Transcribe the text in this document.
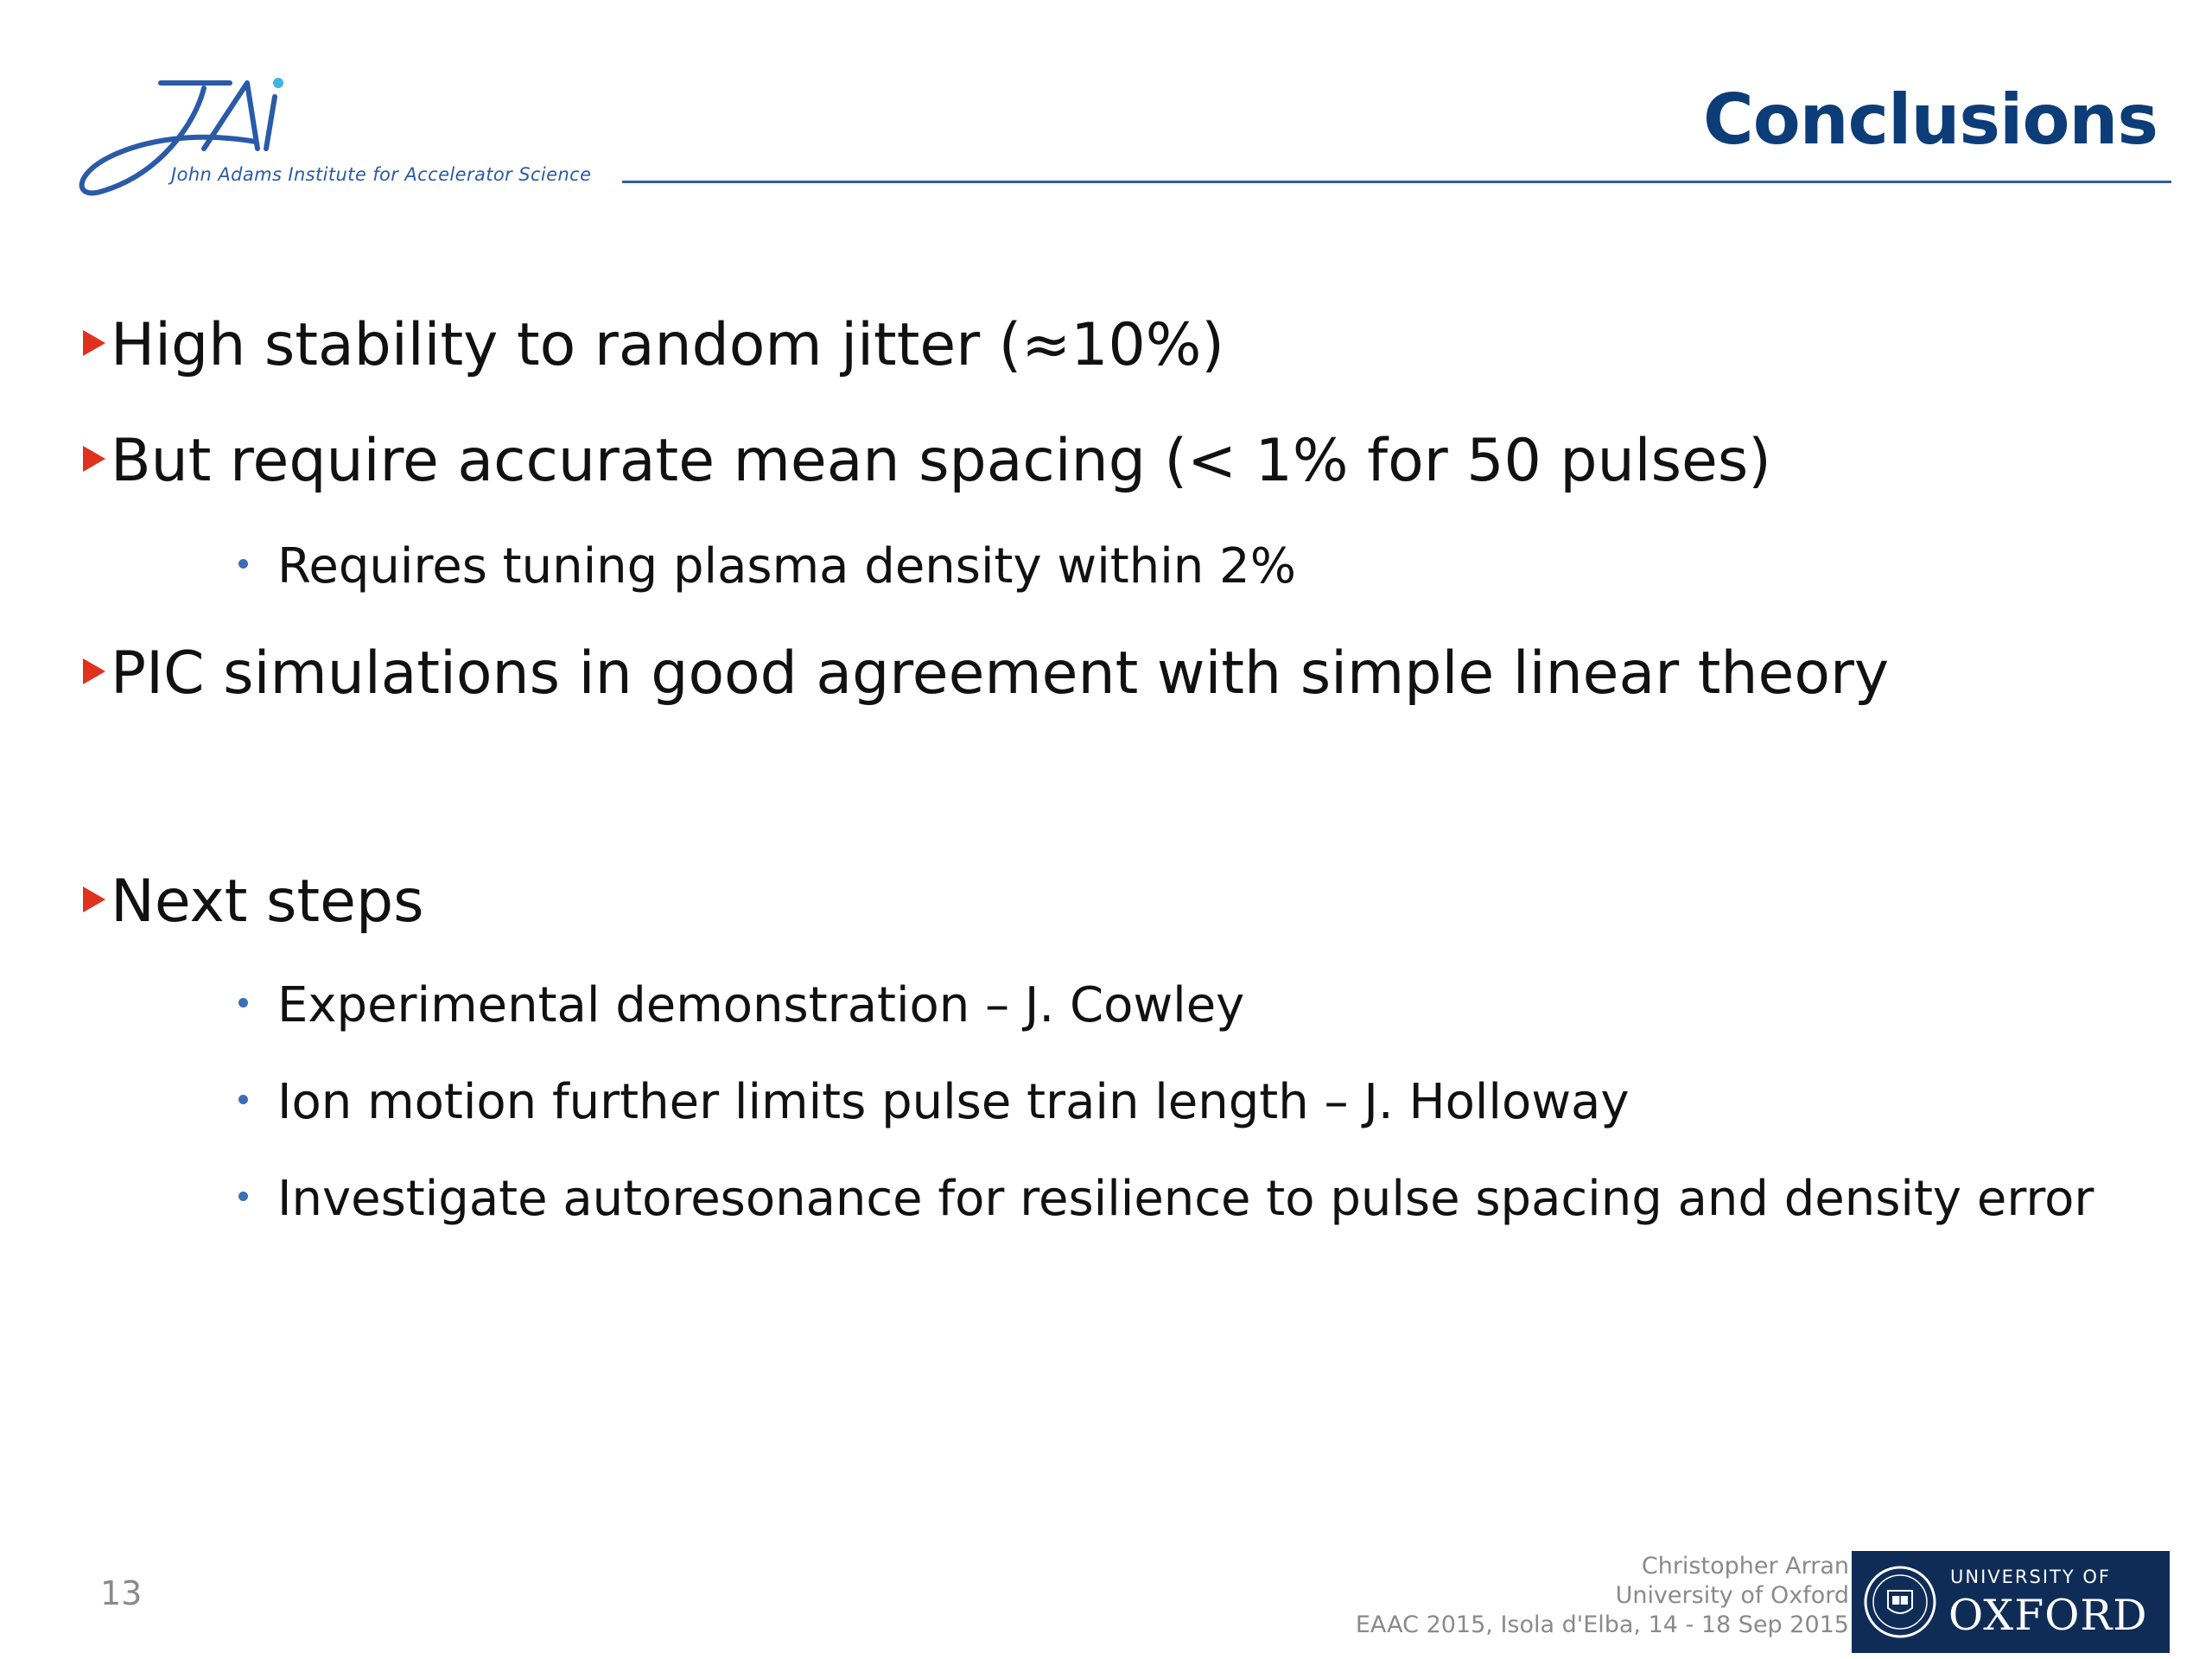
John Adams Institute for Accelerator Science
Conclusions
High stability to random jitter (≈10%)
But require accurate mean spacing (< 1% for 50 pulses)
Requires tuning plasma density within 2%
PIC simulations in good agreement with simple linear theory
Next steps
Experimental demonstration – J. Cowley
Ion motion further limits pulse train length – J. Holloway
Investigate autoresonance for resilience to pulse spacing and density error
13
Christopher Arran
University of Oxford
EAAC 2015, Isola d'Elba, 14 - 18 Sep 2015
UNIVERSITY OF
OXFORD
